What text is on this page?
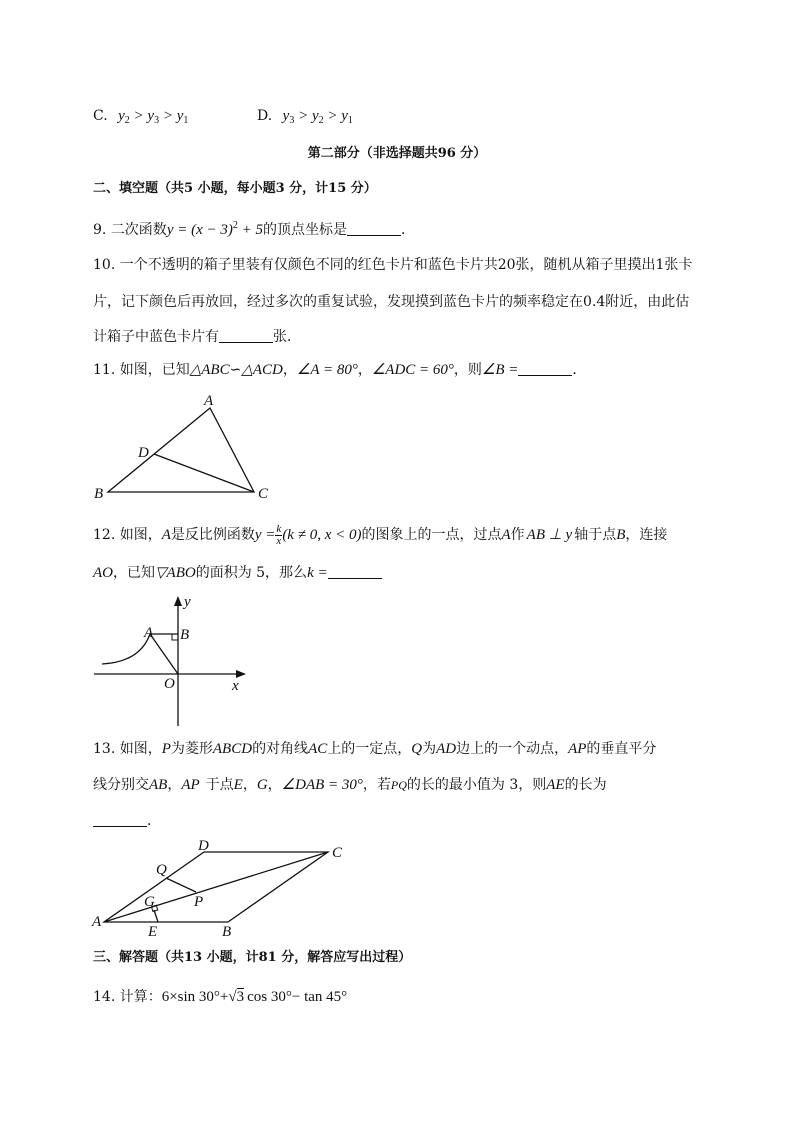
C. $y_2 > y_3 > y_1$	D. $y_3 > y_2 > y_1$
第二部分（非选择题共96 分）
二、填空题（共5 小题，每小题3 分，计15 分）
9. 二次函数$y = (x - 3)^2 + 5$的顶点坐标是	．
10. 一个不透明的箱子里装有仅颜色不同的红色卡片和蓝色卡片共20张，随机从箱子里摸出1张卡
片，记下颜色后再放回，经过多次的重复试验，发现摸到蓝色卡片的频率稳定在0.4附近，由此估
计箱子中蓝色卡片有	张．
11. 如图，已知△ABC∽△ACD，∠A = 80°，∠ADC = 60°，则∠B =	．
A
B	C
D
12. 如图，A是反比例函数$y = \frac{k}{x} (k \ne 0$, x < 0)的图象上的一点，过点A作 AB ⊥ y 轴于点B，连接
AO，已知▽ABO的面积为 5，那么k =
A B
O	x
y
13. 如图，P为菱形ABCD的对角线AC上的一定点，Q为AD边上的一个动点，AP的垂直平分
线分别交AB，AP 于点E，G，∠DAB = 30°，若PQ的长的最小值为 3，则AE的长为
．
A
B
C
D
E
G	P
Q
三、解答题（共13 小题，计81 分，解答应写出过程）
14. 计算：6×sin 30°+√3 cos 30°− tan 45°
